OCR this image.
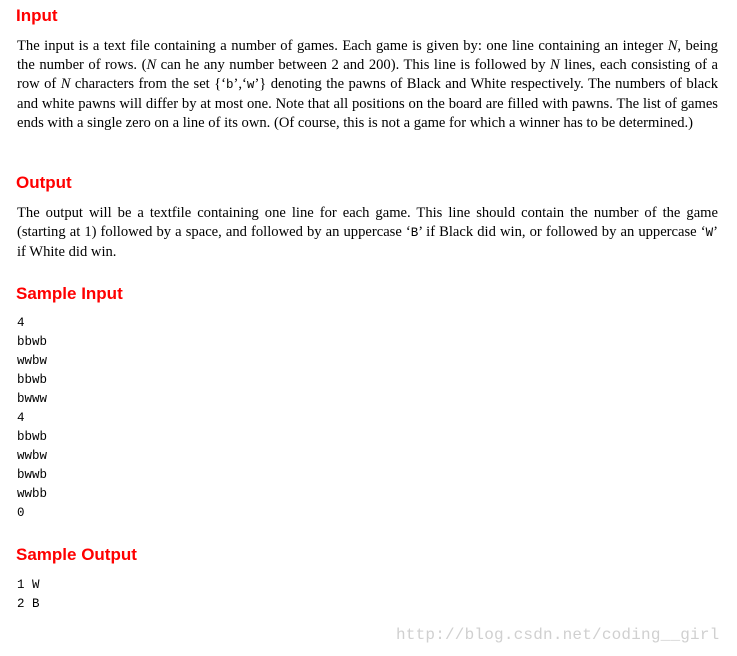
Input

The input is a text file containing a number of games. Each game is given by: one line containing an integer N, being the number of rows. (N can he any number between 2 and 200). This line is followed by N lines, each consisting of a row of N characters from the set {‘b’,‘w’} denoting the pawns of Black and White respectively. The numbers of black and white pawns will differ by at most one. Note that all positions on the board are filled with pawns. The list of games ends with a single zero on a line of its own. (Of course, this is not a game for which a winner has to be determined.)

Output

The output will be a textfile containing one line for each game. This line should contain the number of the game (starting at 1) followed by a space, and followed by an uppercase ‘B’ if Black did win, or followed by an uppercase ‘W’ if White did win.

Sample Input
4
bbwb
wwbw
bbwb
bwww
4
bbwb
wwbw
bwwb
wwbb
0
Sample Output
1 W
2 B
http://blog.csdn.net/coding__girl
